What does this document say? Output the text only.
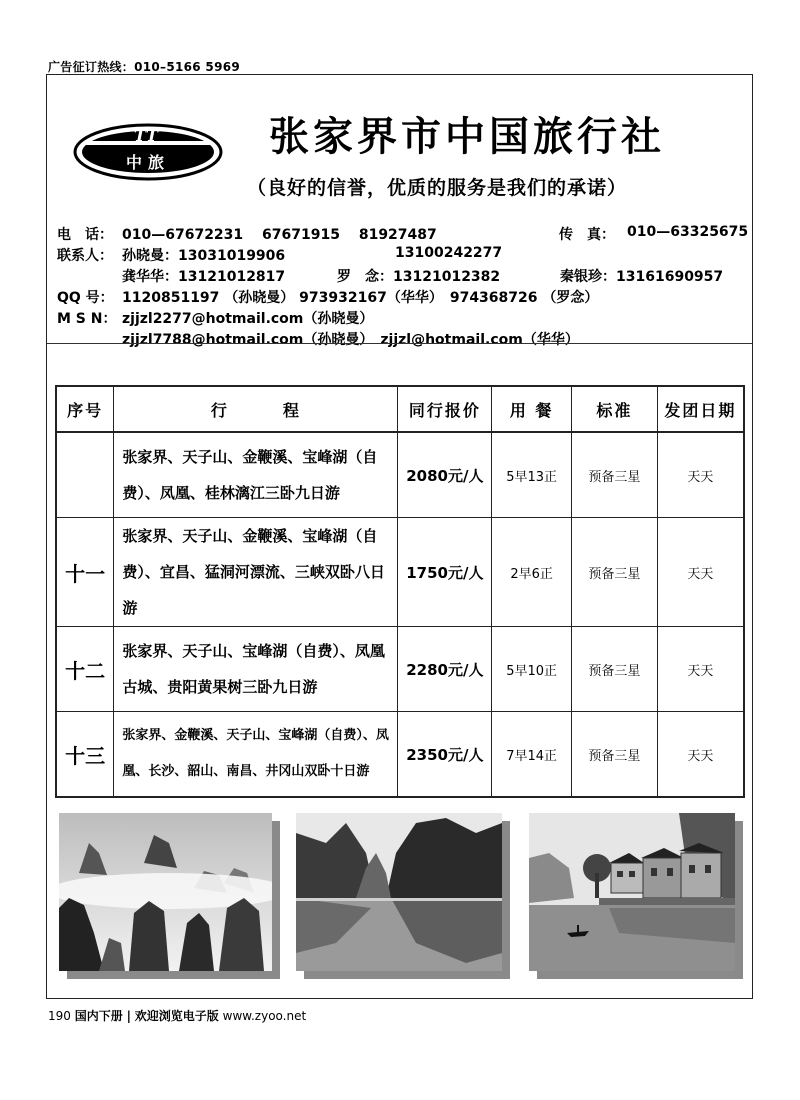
广告征订热线：010–5166 5969
T T
中旅
张家界市中国旅行社
（良好的信誉，优质的服务是我们的承诺）
电　话： 010—67672231　 67671915 　81927487	传　真： 010—63325675
联系人： 孙晓曼：13031019906	13100242277
龚华华：13121012817	罗　念：13121012382	秦银珍：13161690957
QQ 号： 1120851197 （孙晓曼） 973932167（华华）　974368726 （罗念）
M S N： zjjzl2277@hotmail.com（孙晓曼）
zjjzl7788@hotmail.com（孙晓曼）　zjjzl@hotmail.com（华华）
序号	行　　　程	同行报价	用 餐	标准	发团日期
	张家界、天子山、金鞭溪、宝峰湖（自费）、凤凰、桂林漓江三卧九日游	2080元/人	5早13正	预备三星	天天
十一	张家界、天子山、金鞭溪、宝峰湖（自费）、宜昌、猛洞河漂流、三峡双卧八日游	1750元/人	2早6正	预备三星	天天
十二	张家界、天子山、宝峰湖（自费）、凤凰古城、贵阳黄果树三卧九日游	2280元/人	5早10正	预备三星	天天
十三	张家界、金鞭溪、天子山、宝峰湖（自费）、凤凰、长沙、韶山、南昌、井冈山双卧十日游	2350元/人	7早14正	预备三星	天天
190 国内下册 | 欢迎浏览电子版 www.zyoo.net
